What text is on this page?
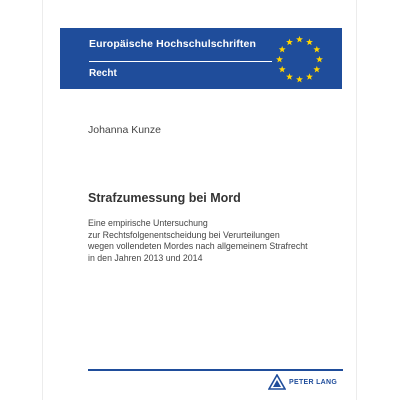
Europäische Hochschulschriften
Recht
Johanna Kunze
Strafzumessung bei Mord
Eine empirische Untersuchung
zur Rechtsfolgenentscheidung bei Verurteilungen
wegen vollendeten Mordes nach allgemeinem Strafrecht
in den Jahren 2013 und 2014
PETER LANG
